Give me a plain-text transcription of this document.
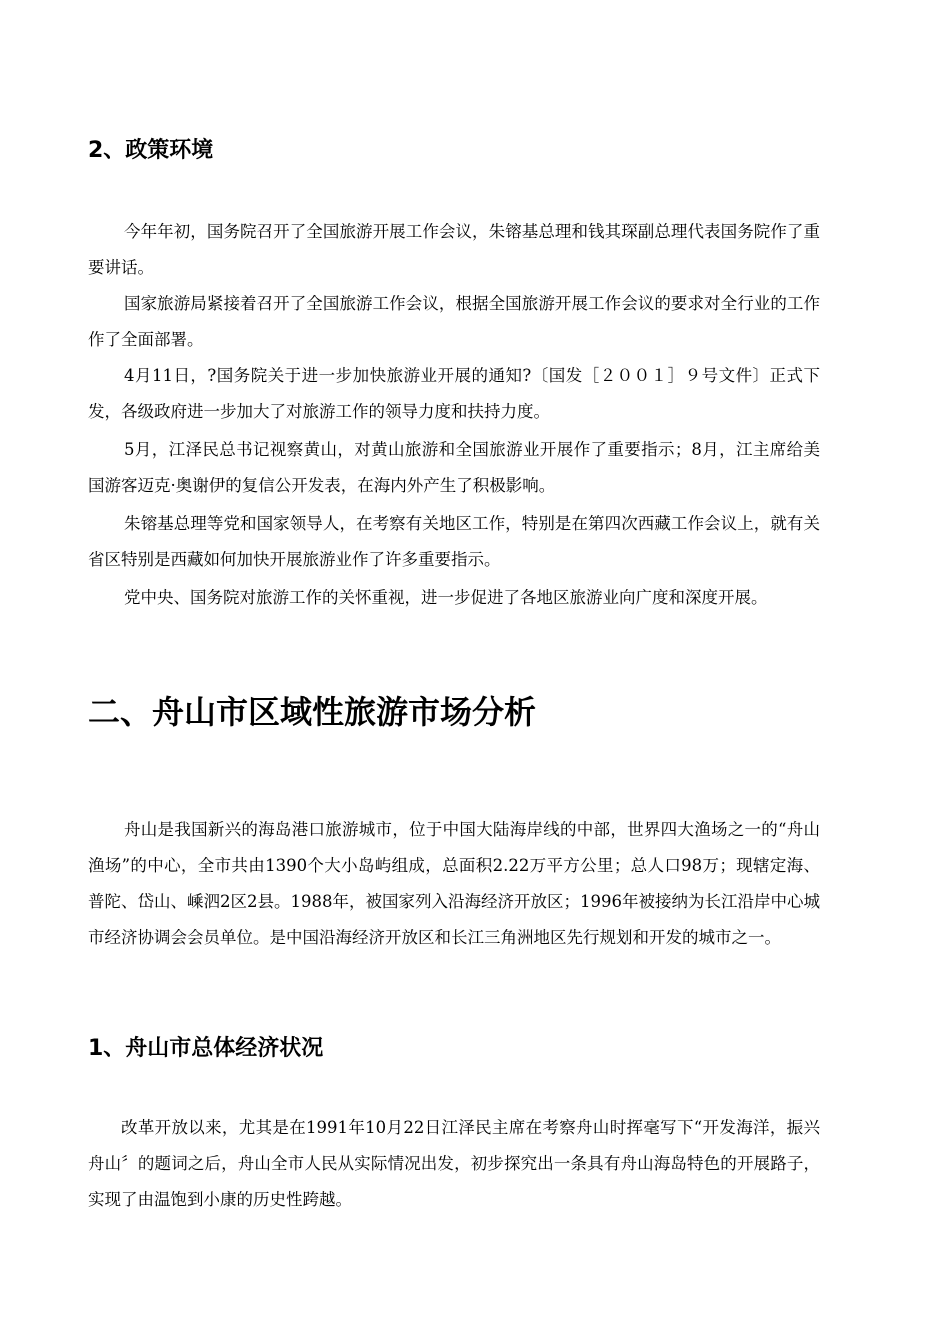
2、政策环境

今年年初，国务院召开了全国旅游开展工作会议，朱镕基总理和钱其琛副总理代表国务院作了重要讲话。

国家旅游局紧接着召开了全国旅游工作会议，根据全国旅游开展工作会议的要求对全行业的工作作了全面部署。

4月11日，?国务院关于进一步加快旅游业开展的通知?〔国发［２００１］９号文件〕正式下发，各级政府进一步加大了对旅游工作的领导力度和扶持力度。

5月，江泽民总书记视察黄山，对黄山旅游和全国旅游业开展作了重要指示；8月，江主席给美国游客迈克·奥谢伊的复信公开发表，在海内外产生了积极影响。

朱镕基总理等党和国家领导人，在考察有关地区工作，特别是在第四次西藏工作会议上，就有关省区特别是西藏如何加快开展旅游业作了许多重要指示。

党中央、国务院对旅游工作的关怀重视，进一步促进了各地区旅游业向广度和深度开展。

二、舟山市区域性旅游市场分析

舟山是我国新兴的海岛港口旅游城市，位于中国大陆海岸线的中部，世界四大渔场之一的“舟山渔场”的中心，全市共由1390个大小岛屿组成，总面积2.22万平方公里；总人口98万；现辖定海、普陀、岱山、嵊泗2区2县。1988年，被国家列入沿海经济开放区；1996年被接纳为长江沿岸中心城市经济协调会会员单位。是中国沿海经济开放区和长江三角洲地区先行规划和开发的城市之一。

1、舟山市总体经济状况

改革开放以来，尤其是在1991年10月22日江泽民主席在考察舟山时挥毫写下“开发海洋，振兴舟山〞的题词之后，舟山全市人民从实际情况出发，初步探究出一条具有舟山海岛特色的开展路子，实现了由温饱到小康的历史性跨越。
